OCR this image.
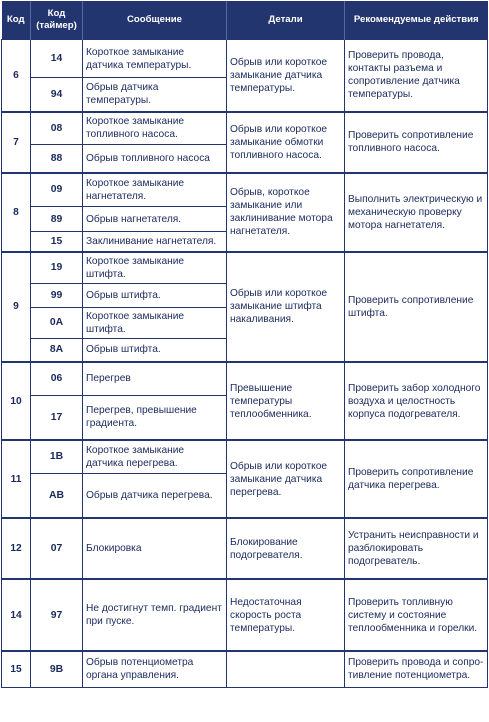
Код	Код (таймер)	Сообщение	Детали	Рекомендуемые действия
6	14	Короткое замыкание датчика температуры.	Обрыв или короткое замыкание датчика температуры.	Проверить провода, контакты разъема и сопротивление датчика температуры.
	94	Обрыв датчика температуры.		
7	08	Короткое замыкание топливного насоса.	Обрыв или короткое замыкание обмотки топливного насоса.	Проверить сопротивление топливного насоса.
	88	Обрыв топливного насоса		
8	09	Короткое замыкание нагнетателя.	Обрыв, короткое замыкание или заклинивание мотора нагнетателя.	Выполнить электрическую и механическую проверку мотора нагнетателя.
	89	Обрыв нагнетателя.		
	15	Заклинивание нагнетателя.		
9	19	Короткое замыкание штифта.	Обрыв или короткое замыкание штифта накаливания.	Проверить сопротивление штифта.
	99	Обрыв штифта.		
	0A	Короткое замыкание штифта.		
	8A	Обрыв штифта.		
10	06	Перегрев	Превышение температуры теплообменника.	Проверить забор холодного воздуха и целостность корпуса подогревателя.
	17	Перегрев, превышение градиента.		
11	1B	Короткое замыкание датчика перегрева.	Обрыв или короткое замыкание датчика перегрева.	Проверить сопротивление датчика перегрева.
	AB	Обрыв датчика перегрева.		
12	07	Блокировка	Блокирование подогревателя.	Устранить неисправности и разблокировать подогреватель.
14	97	Не достигнут темп. градиент при пуске.	Недостаточная скорость роста температуры.	Проверить топливную систему и состояние теплообменника и горелки.
15	9B	Обрыв потенциометра органа управления.		Проверить провода и сопро- тивление потенциометра.
